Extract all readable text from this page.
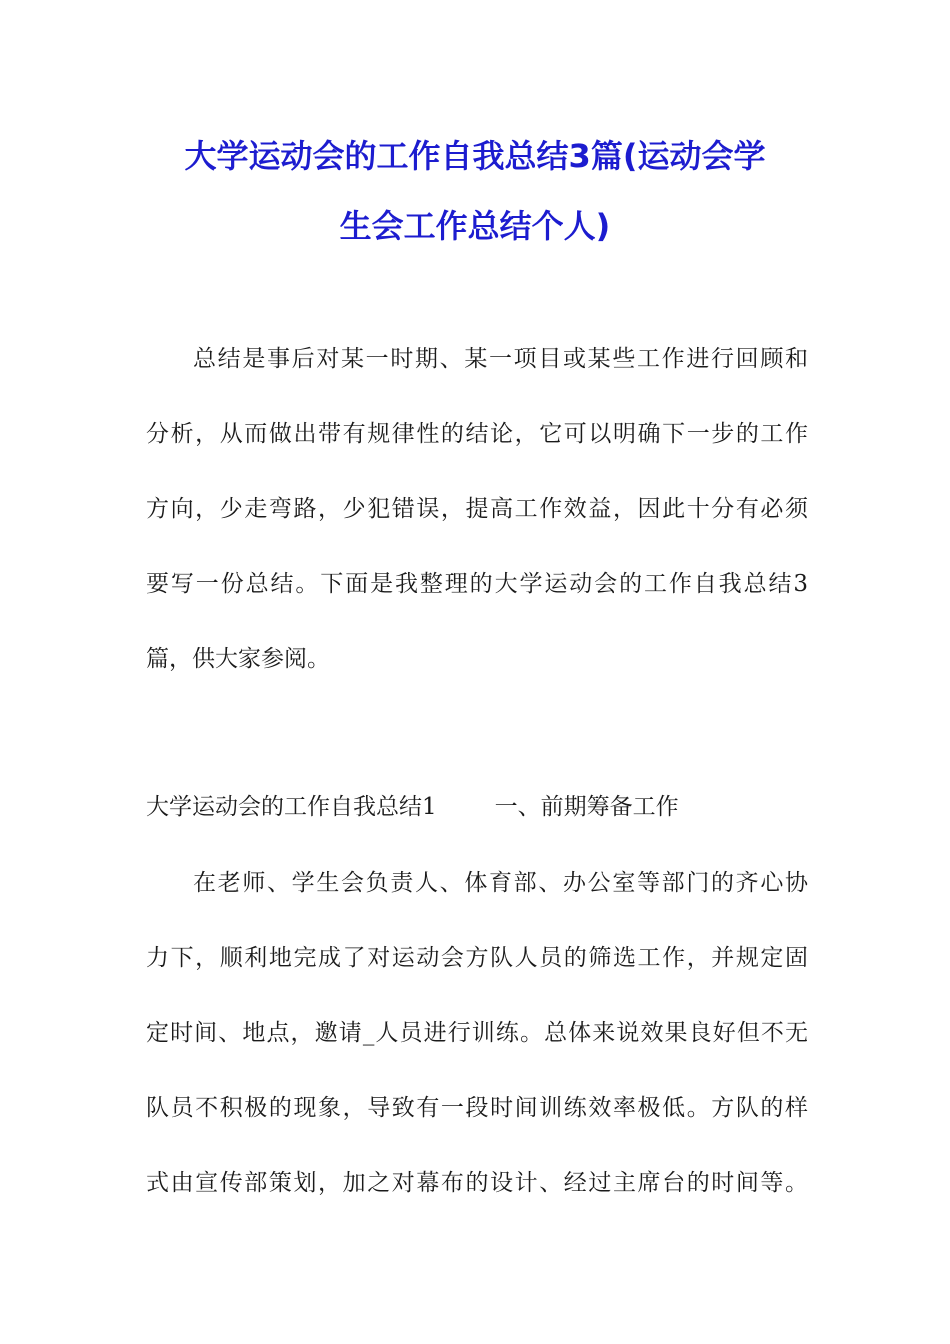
大学运动会的工作自我总结3篇(运动会学
生会工作总结个人)
总结是事后对某一时期、某一项目或某些工作进行回顾和
分析，从而做出带有规律性的结论，它可以明确下一步的工作
方向，少走弯路，少犯错误，提高工作效益，因此十分有必须
要写一份总结。下面是我整理的大学运动会的工作自我总结3
篇，供大家参阅。
大学运动会的工作自我总结1	一、前期筹备工作
在老师、学生会负责人、体育部、办公室等部门的齐心协
力下，顺利地完成了对运动会方队人员的筛选工作，并规定固
定时间、地点，邀请_人员进行训练。总体来说效果良好但不无
队员不积极的现象，导致有一段时间训练效率极低。方队的样
式由宣传部策划，加之对幕布的设计、经过主席台的时间等。
